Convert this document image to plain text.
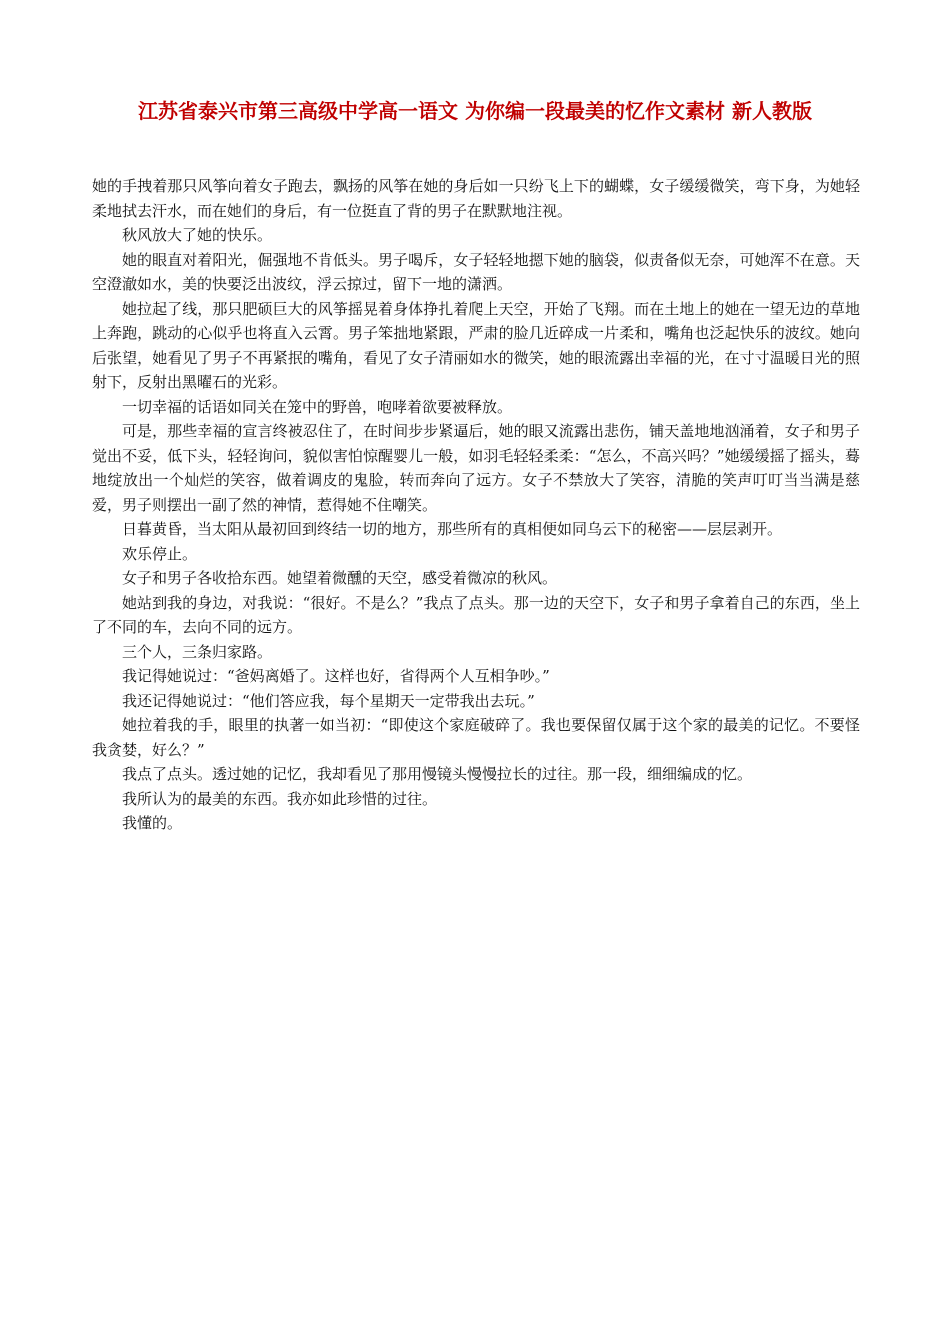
江苏省泰兴市第三高级中学高一语文 为你编一段最美的忆作文素材 新人教版

她的手拽着那只风筝向着女子跑去，飘扬的风筝在她的身后如一只纷飞上下的蝴蝶，女子缓缓微笑，弯下身，为她轻柔地拭去汗水，而在她们的身后，有一位挺直了背的男子在默默地注视。

秋风放大了她的快乐。

她的眼直对着阳光，倔强地不肯低头。男子喝斥，女子轻轻地摁下她的脑袋，似责备似无奈，可她浑不在意。天空澄澈如水，美的快要泛出波纹，浮云掠过，留下一地的潇洒。

她拉起了线，那只肥硕巨大的风筝摇晃着身体挣扎着爬上天空，开始了飞翔。而在土地上的她在一望无边的草地上奔跑，跳动的心似乎也将直入云霄。男子笨拙地紧跟，严肃的脸几近碎成一片柔和，嘴角也泛起快乐的波纹。她向后张望，她看见了男子不再紧抿的嘴角，看见了女子清丽如水的微笑，她的眼流露出幸福的光，在寸寸温暖日光的照射下，反射出黑曜石的光彩。

一切幸福的话语如同关在笼中的野兽，咆哮着欲要被释放。

可是，那些幸福的宣言终被忍住了，在时间步步紧逼后，她的眼又流露出悲伤，铺天盖地地汹涌着，女子和男子觉出不妥，低下头，轻轻询问，貌似害怕惊醒婴儿一般，如羽毛轻轻柔柔：“怎么，不高兴吗？”她缓缓摇了摇头，蓦地绽放出一个灿烂的笑容，做着调皮的鬼脸，转而奔向了远方。女子不禁放大了笑容，清脆的笑声叮叮当当满是慈爱，男子则摆出一副了然的神情，惹得她不住嘲笑。

日暮黄昏，当太阳从最初回到终结一切的地方，那些所有的真相便如同乌云下的秘密——层层剥开。

欢乐停止。

女子和男子各收拾东西。她望着微醺的天空，感受着微凉的秋风。

她站到我的身边，对我说：“很好。不是么？”我点了点头。那一边的天空下，女子和男子拿着自己的东西，坐上了不同的车，去向不同的远方。

三个人，三条归家路。

我记得她说过：“爸妈离婚了。这样也好，省得两个人互相争吵。”

我还记得她说过：“他们答应我，每个星期天一定带我出去玩。”

她拉着我的手，眼里的执著一如当初：“即使这个家庭破碎了。我也要保留仅属于这个家的最美的记忆。不要怪我贪婪，好么？”

我点了点头。透过她的记忆，我却看见了那用慢镜头慢慢拉长的过往。那一段，细细编成的忆。

我所认为的最美的东西。我亦如此珍惜的过往。

我懂的。
